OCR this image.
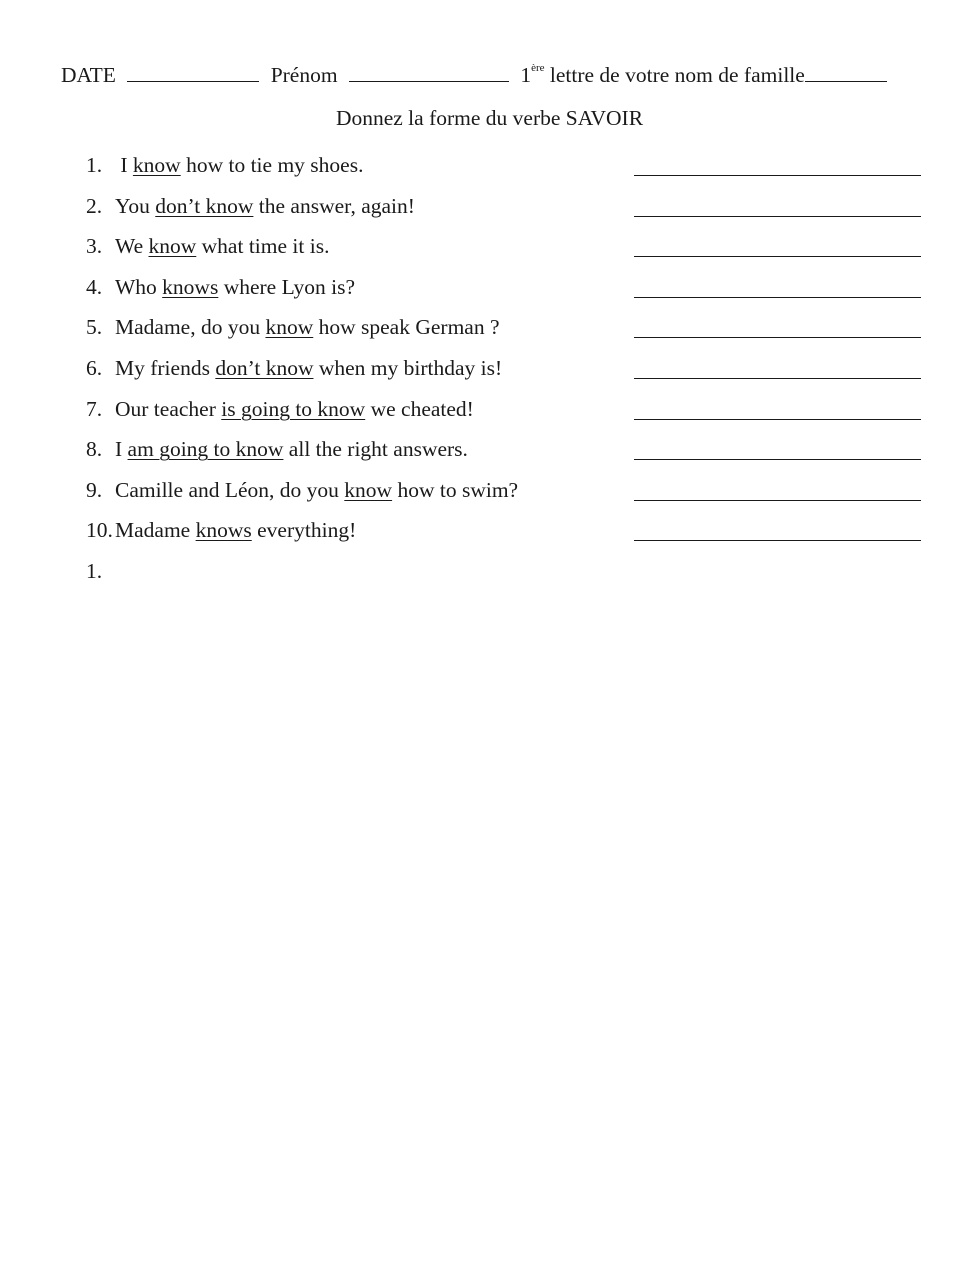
DATE	Prénom	1ère lettre de votre nom de famille
Donnez la forme du verbe SAVOIR
1. I know how to tie my shoes.
2. You don’t know the answer, again!
3. We know what time it is.
4. Who knows where Lyon is?
5. Madame, do you know how speak German ?
6. My friends don’t know when my birthday is!
7. Our teacher is going to know we cheated!
8. I am going to know all the right answers.
9. Camille and Léon, do you know how to swim?
10.Madame knows everything!
1.
